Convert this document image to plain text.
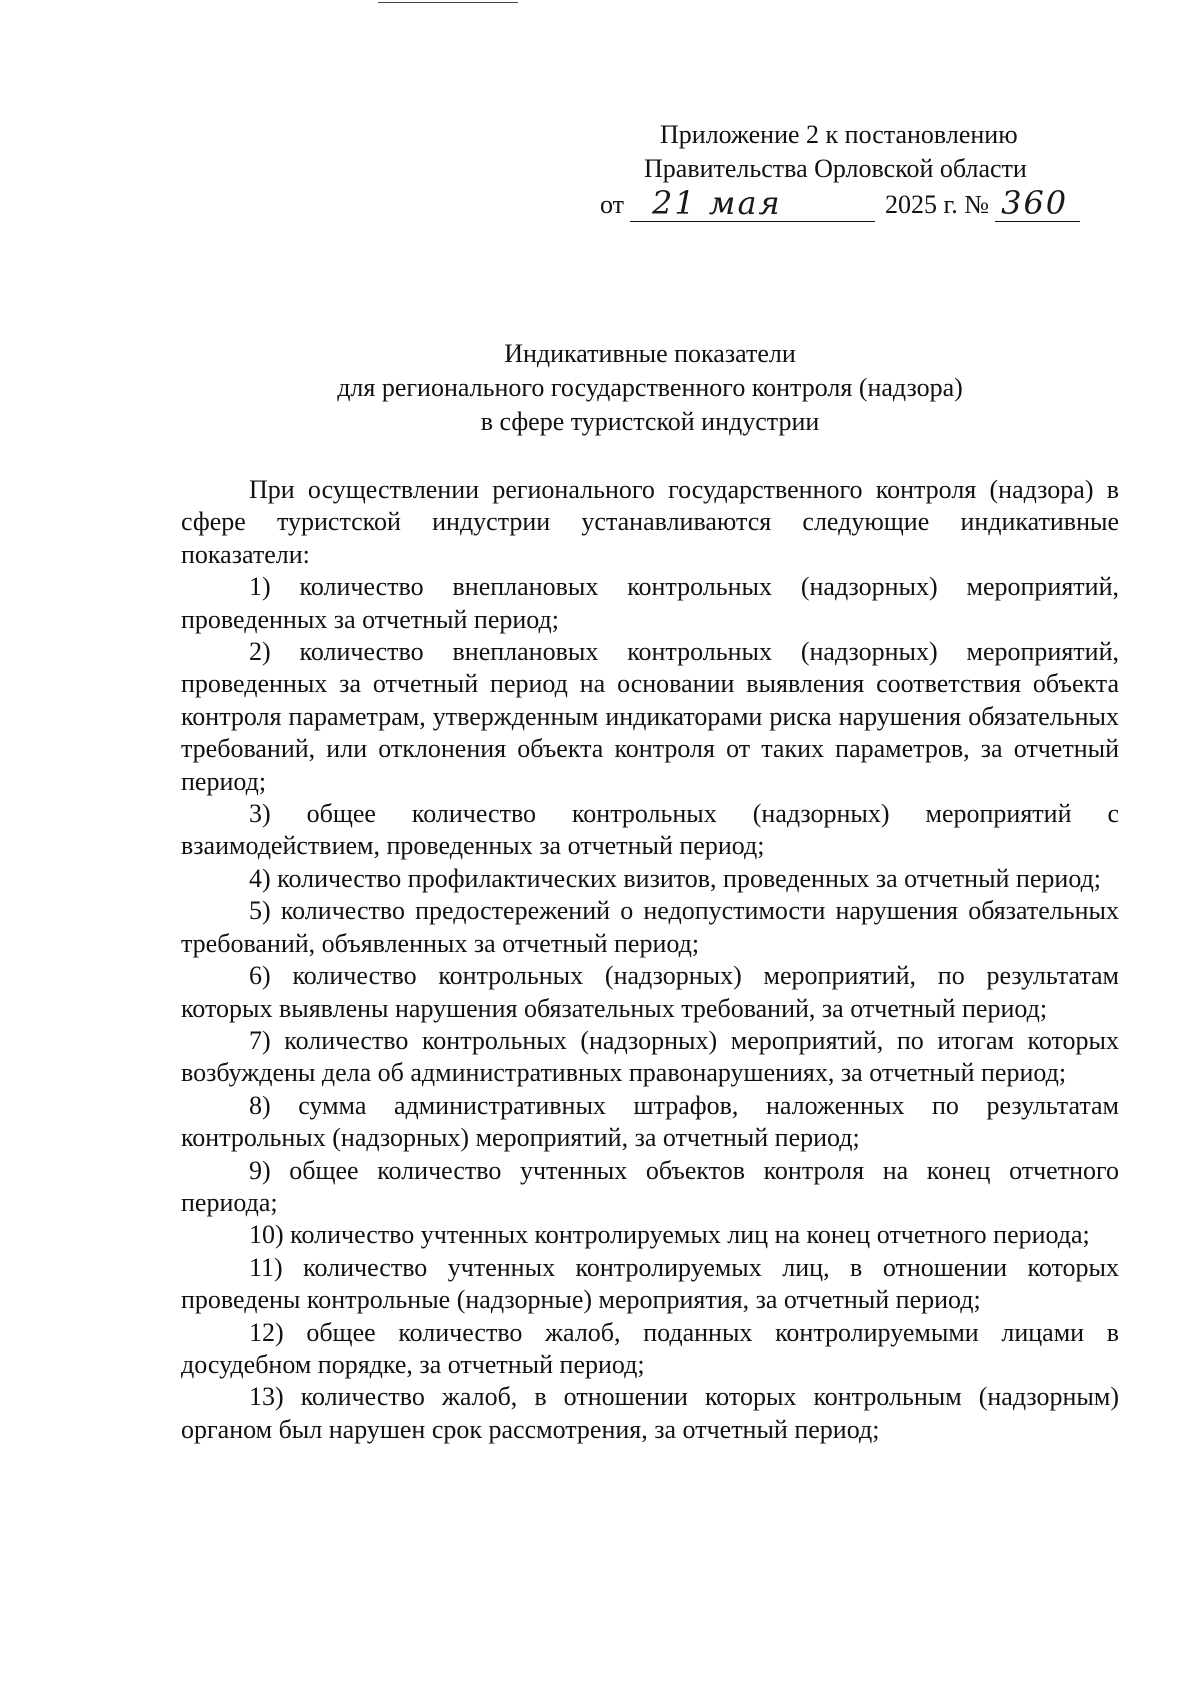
Приложение 2 к постановлению
Правительства Орловской области
от 21 мая	2025 г. № 360
Индикативные показатели
для регионального государственного контроля (надзора)
в сфере туристской индустрии

При осуществлении регионального государственного контроля (надзора) в сфере туристской индустрии устанавливаются следующие индикативные показатели:

1) количество внеплановых контрольных (надзорных) мероприятий, проведенных за отчетный период;

2) количество внеплановых контрольных (надзорных) мероприятий, проведенных за отчетный период на основании выявления соответствия объекта контроля параметрам, утвержденным индикаторами риска нарушения обязательных требований, или отклонения объекта контроля от таких параметров, за отчетный период;

3) общее количество контрольных (надзорных) мероприятий с взаимодействием, проведенных за отчетный период;

4) количество профилактических визитов, проведенных за отчетный период;

5) количество предостережений о недопустимости нарушения обязательных требований, объявленных за отчетный период;

6) количество контрольных (надзорных) мероприятий, по результатам которых выявлены нарушения обязательных требований, за отчетный период;

7) количество контрольных (надзорных) мероприятий, по итогам которых возбуждены дела об административных правонарушениях, за отчетный период;

8) сумма административных штрафов, наложенных по результатам контрольных (надзорных) мероприятий, за отчетный период;

9) общее количество учтенных объектов контроля на конец отчетного периода;

10) количество учтенных контролируемых лиц на конец отчетного периода;

11) количество учтенных контролируемых лиц, в отношении которых проведены контрольные (надзорные) мероприятия, за отчетный период;

12) общее количество жалоб, поданных контролируемыми лицами в досудебном порядке, за отчетный период;

13) количество жалоб, в отношении которых контрольным (надзорным) органом был нарушен срок рассмотрения, за отчетный период;
